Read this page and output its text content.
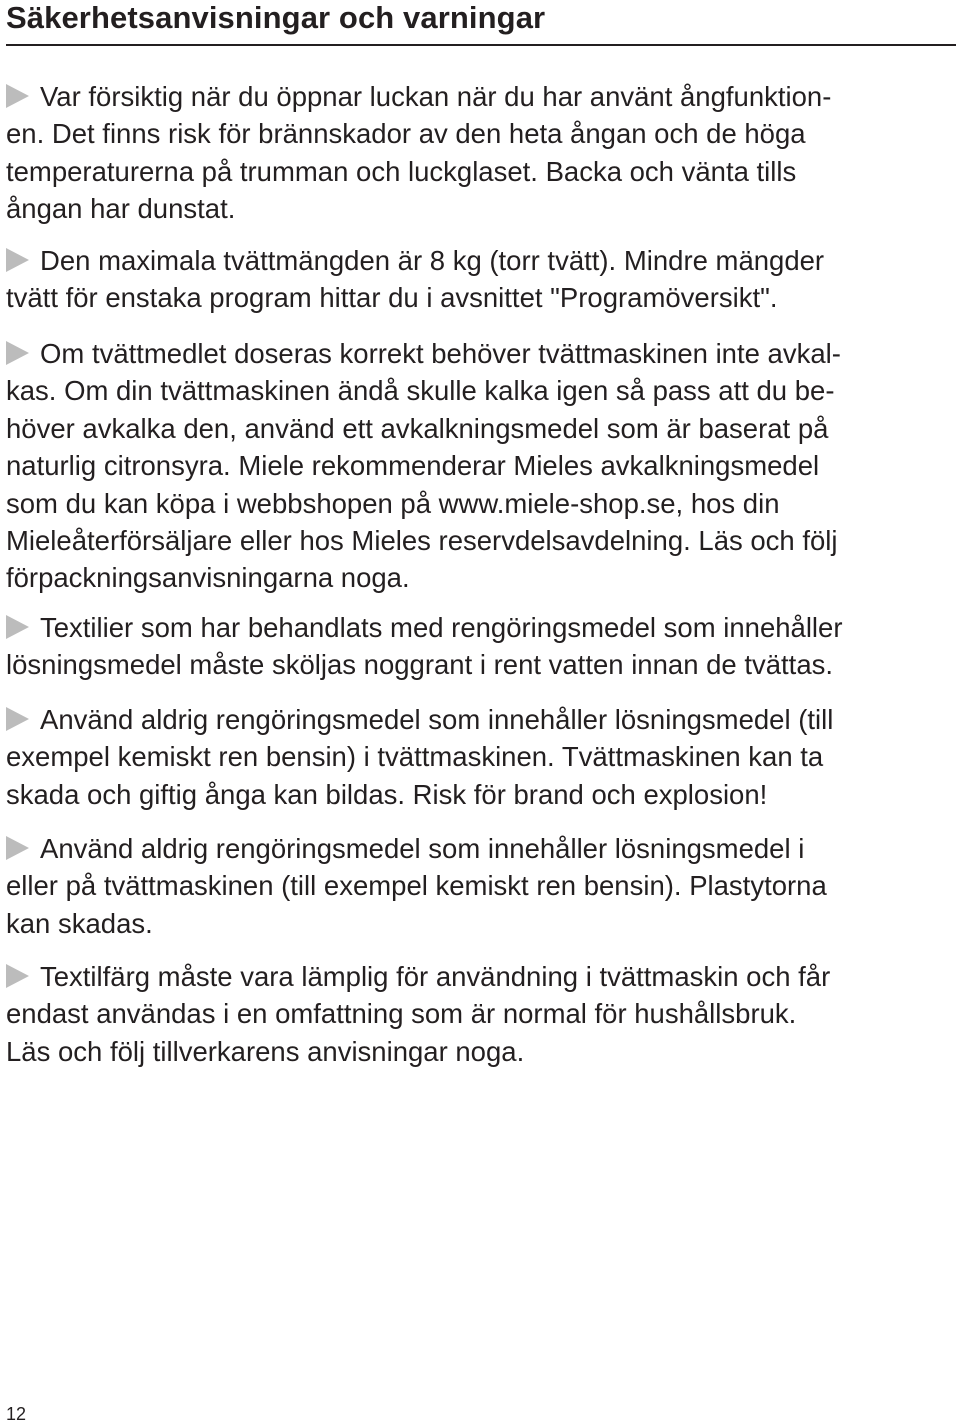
Säkerhetsanvisningar och varningar

Var försiktig när du öppnar luckan när du har använt ångfunktion-
en. Det finns risk för brännskador av den heta ångan och de höga
temperaturerna på trumman och luckglaset. Backa och vänta tills
ångan har dunstat.

Den maximala tvättmängden är 8 kg (torr tvätt). Mindre mängder
tvätt för enstaka program hittar du i avsnittet "Programöversikt".

Om tvättmedlet doseras korrekt behöver tvättmaskinen inte avkal-
kas. Om din tvättmaskinen ändå skulle kalka igen så pass att du be-
höver avkalka den, använd ett avkalkningsmedel som är baserat på
naturlig citronsyra. Miele rekommenderar Mieles avkalkningsmedel
som du kan köpa i webbshopen på www.miele-shop.se, hos din
Mieleåterförsäljare eller hos Mieles reservdelsavdelning. Läs och följ
förpackningsanvisningarna noga.

Textilier som har behandlats med rengöringsmedel som innehåller
lösningsmedel måste sköljas noggrant i rent vatten innan de tvättas.

Använd aldrig rengöringsmedel som innehåller lösningsmedel (till
exempel kemiskt ren bensin) i tvättmaskinen. Tvättmaskinen kan ta
skada och giftig ånga kan bildas. Risk för brand och explosion!

Använd aldrig rengöringsmedel som innehåller lösningsmedel i
eller på tvättmaskinen (till exempel kemiskt ren bensin). Plastytorna
kan skadas.

Textilfärg måste vara lämplig för användning i tvättmaskin och får
endast användas i en omfattning som är normal för hushållsbruk.
Läs och följ tillverkarens anvisningar noga.

12
